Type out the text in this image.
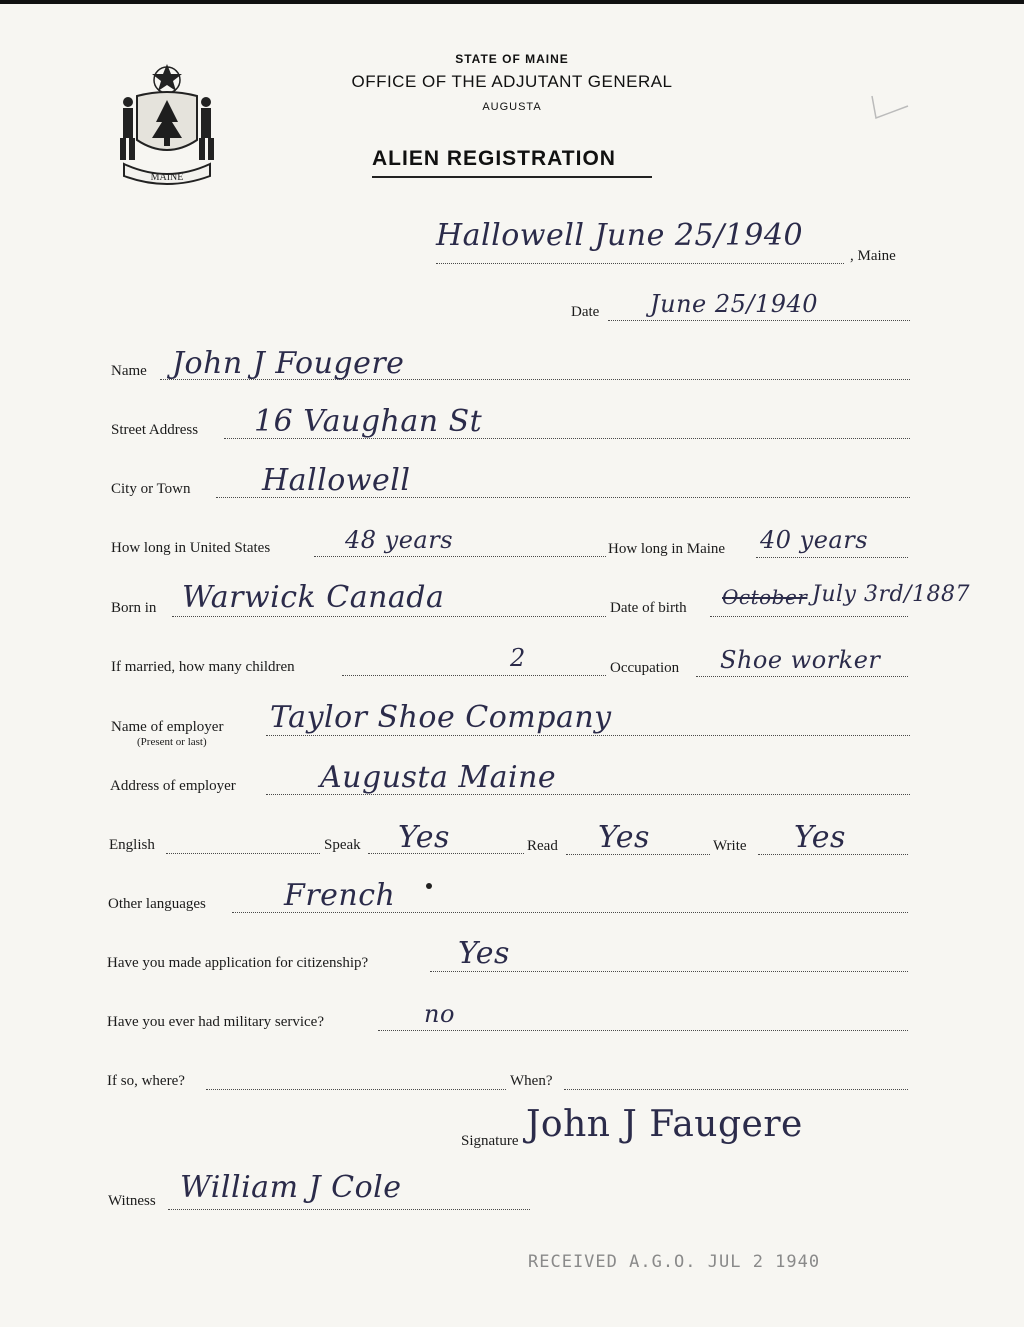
MAINE
STATE OF MAINE
OFFICE OF THE ADJUTANT GENERAL
AUGUSTA
ALIEN REGISTRATION
Hallowell June 25/1940
, Maine
Date June 25/1940
Name John J Fougere
Street Address 16 Vaughan St
City or Town Hallowell
How long in United States	48 years	How long in Maine 40 years
Born in Warwick Canada	Date of birth October July 3rd/1887
If married, how many children	2	Occupation Shoe worker
Name of employer
(Present or last)
Taylor Shoe Company
Address of employer	Augusta Maine
English	Speak Yes	Read Yes	Write Yes
Other languages	French
Have you made application for citizenship?	Yes
Have you ever had military service?	no
If so, where?	When?
Signature John J Faugere
Witness William J Cole
RECEIVED A.G.O. JUL 2 1940
